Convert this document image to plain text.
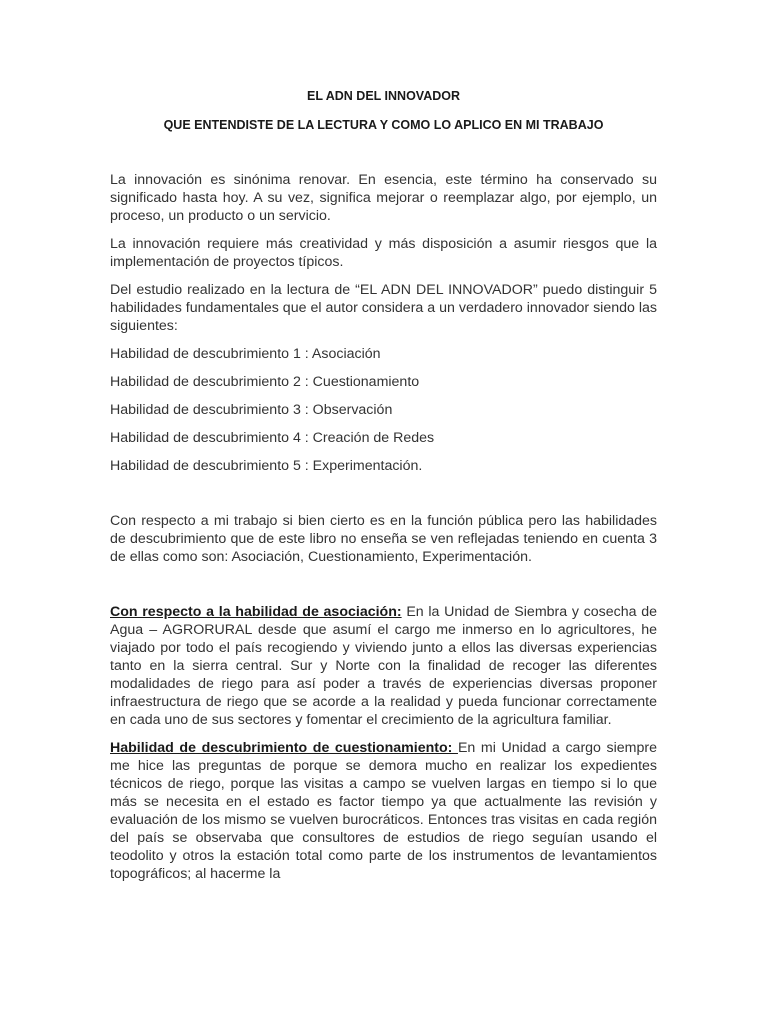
EL ADN DEL INNOVADOR

QUE ENTENDISTE DE LA LECTURA Y COMO LO APLICO EN MI TRABAJO

La innovación es sinónima renovar. En esencia, este término ha conservado su significado hasta hoy. A su vez, significa mejorar o reemplazar algo, por ejemplo, un proceso, un producto o un servicio.

La innovación requiere más creatividad y más disposición a asumir riesgos que la implementación de proyectos típicos.

Del estudio realizado en la lectura de “EL ADN DEL INNOVADOR” puedo distinguir 5 habilidades fundamentales que el autor considera a un verdadero innovador siendo las siguientes:

Habilidad de descubrimiento 1 : Asociación

Habilidad de descubrimiento 2 : Cuestionamiento

Habilidad de descubrimiento 3 : Observación

Habilidad de descubrimiento 4 : Creación de Redes

Habilidad de descubrimiento 5 : Experimentación.

Con respecto a mi trabajo si bien cierto es en la función pública pero las habilidades de descubrimiento que de este libro no enseña se ven reflejadas teniendo en cuenta 3 de ellas como son: Asociación, Cuestionamiento, Experimentación.

Con respecto a la habilidad de asociación: En la Unidad de Siembra y cosecha de Agua – AGRORURAL desde que asumí el cargo me inmerso en lo agricultores, he viajado por todo el país recogiendo y viviendo junto a ellos las diversas experiencias tanto en la sierra central. Sur y Norte con la finalidad de recoger las diferentes modalidades de riego para así poder a través de experiencias diversas proponer infraestructura de riego que se acorde a la realidad y pueda funcionar correctamente en cada uno de sus sectores y fomentar el crecimiento de la agricultura familiar.

Habilidad de descubrimiento de cuestionamiento: En mi Unidad a cargo siempre me hice las preguntas de porque se demora mucho en realizar los expedientes técnicos de riego, porque las visitas a campo se vuelven largas en tiempo si lo que más se necesita en el estado es factor tiempo ya que actualmente las revisión y evaluación de los mismo se vuelven burocráticos. Entonces tras visitas en cada región del país se observaba que consultores de estudios de riego seguían usando el teodolito y otros la estación total como parte de los instrumentos de levantamientos topográficos; al hacerme la
